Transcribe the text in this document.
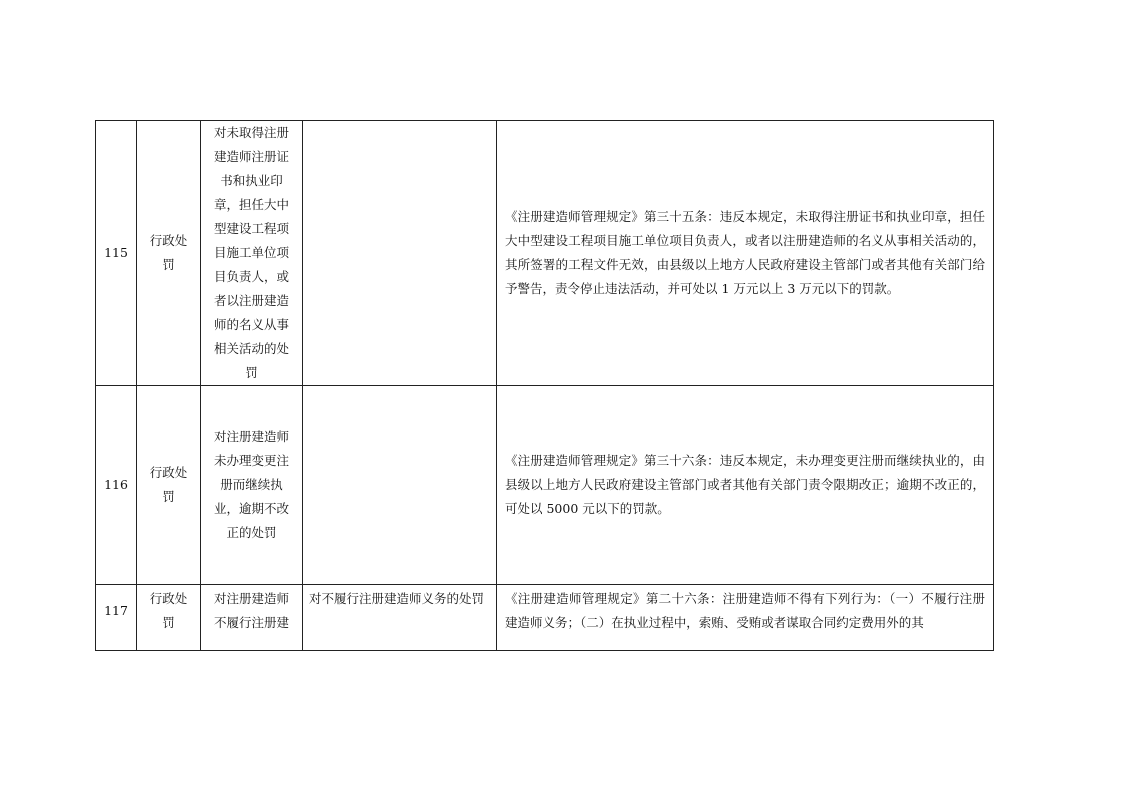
115	行政处罚	对未取得注册建造师注册证书和执业印章，担任大中型建设工程项目施工单位项目负责人，或者以注册建造师的名义从事相关活动的处罚		《注册建造师管理规定》第三十五条：违反本规定，未取得注册证书和执业印章，担任大中型建设工程项目施工单位项目负责人，或者以注册建造师的名义从事相关活动的，其所签署的工程文件无效，由县级以上地方人民政府建设主管部门或者其他有关部门给予警告，责令停止违法活动，并可处以 1 万元以上 3 万元以下的罚款。

116	行政处罚	对注册建造师未办理变更注册而继续执业，逾期不改正的处罚		《注册建造师管理规定》第三十六条：违反本规定，未办理变更注册而继续执业的，由县级以上地方人民政府建设主管部门或者其他有关部门责令限期改正；逾期不改正的，可处以 5000 元以下的罚款。

117	行政处罚	对注册建造师不履行注册建	对不履行注册建造师义务的处罚	《注册建造师管理规定》第二十六条：注册建造师不得有下列行为：（一）不履行注册建造师义务；（二）在执业过程中，索贿、受贿或者谋取合同约定费用外的其
